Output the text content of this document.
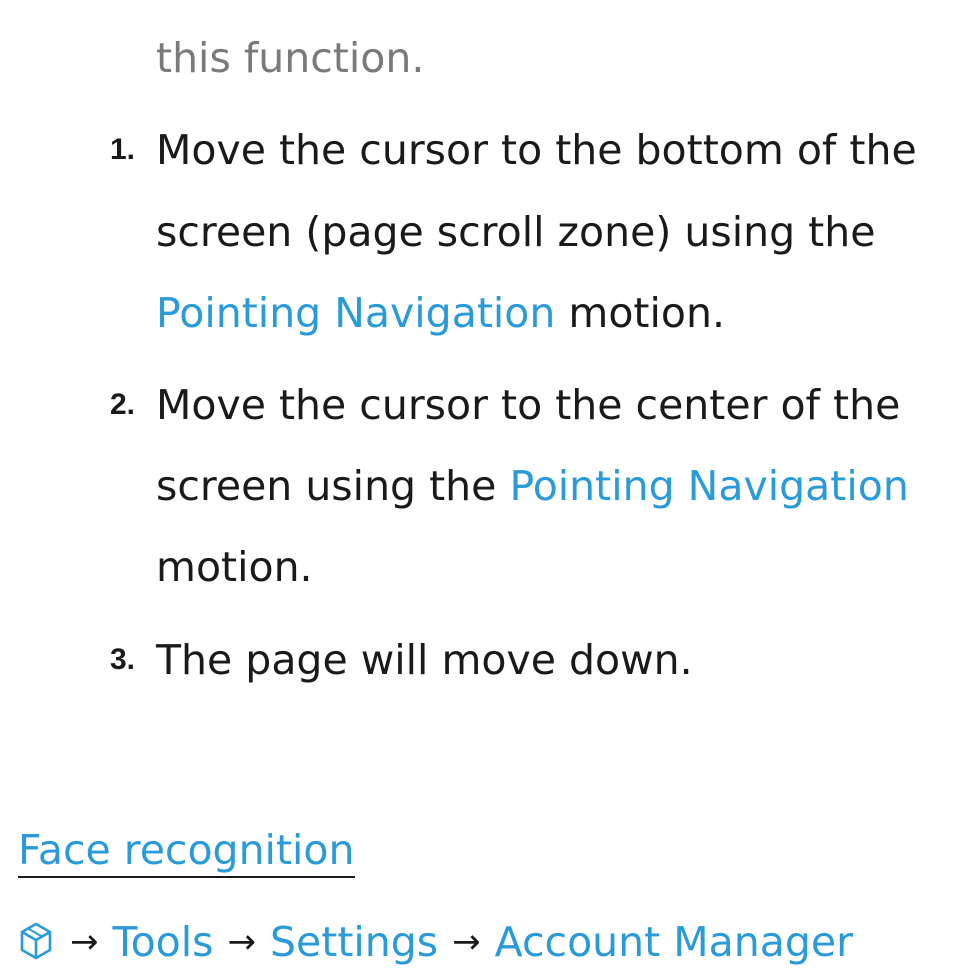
this function.
1. Move the cursor to the bottom of the
screen (page scroll zone) using the
Pointing Navigation motion.
2. Move the cursor to the center of the
screen using the Pointing Navigation
motion.
3. The page will move down.
Face recognition
→ Tools → Settings → Account Manager
